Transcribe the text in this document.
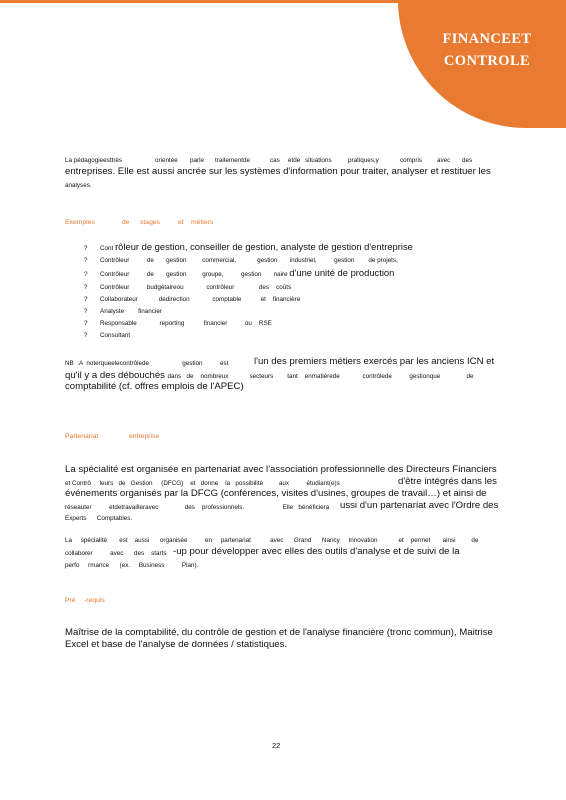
FINANCEET
CONTROLE
La pédagogieesttrès	orientée parle traitementde	cas etde situations	pratiques,y	compris avec des
entreprises. Elle est aussi ancrée sur les systèmes d'information pour traiter, analyser et restituer les
analyses.
Exemples	de stages	et métiers
? Cont rôleur de gestion, conseiller de gestion, analyste de gestion d'entreprise
? Contrôleur          de       gestion         commercial,            gestion       industriel,          gestion        de projets,
? Contrôleur          de       gestion         groupe,          gestion       naire d'une unité de production
? Contrôleur          budgétaireou             contrôleur              des    coûts
? Collaborateur            dedirection             comptable           et    financière
? Analyste        financier
? Responsable             reporting           financier          ou    RSE
? Consultant
NB  :A  noterqueelecontrôlede                   gestion          est	l'un des premiers métiers exercés par les anciens ICN et
qu'il y a des débouchés dans   de    nombreux            secteurs        tant    enmatièrede             contrôlede          gestionque               de
comptabilité (cf. offres emplois de l'APEC)
Partenariat	entreprise
La spécialité est organisée en partenariat avec l'association professionnelle des Directeurs Financiers
et Contrô     leurs   de   Gestion     (DFCG)    et   donne    la   possibilité         aux          étudiant(e)s	d'être intégrés dans les
événements organisés par la DFCG (conférences, visites d'usines, groupes de travail…) et ainsi de
réseauter          etdetravailleravec               des    professionnels.                      Elle   bénéficiera ussi d'un partenariat avec l'Ordre des
Experts      Comptables.
La     spécialité       est    aussi      organisée          en     partenariat           avec      Grand      Nancy     Innovation            et    permet       ainsi         de
collaborer          avec      des    starts -up pour développer avec elles des outils d'analyse et de suivi de la
perfo     rmance      (ex.     Business          Plan).
Pré -requis
Maîtrise de la comptabilité, du contrôle de gestion et de l'analyse financière (tronc commun), Maitrise
Excel et base de l'analyse de données / statistiques.
22
